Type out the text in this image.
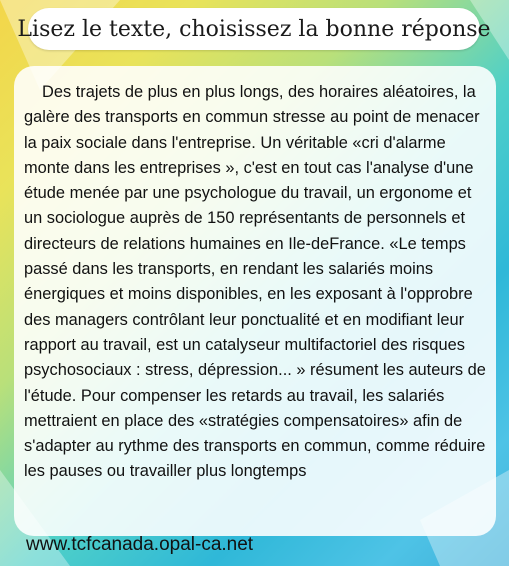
Lisez le texte, choisissez la bonne réponse

Des trajets de plus en plus longs, des horaires aléatoires, la galère des transports en commun stresse au point de menacer la paix sociale dans l'entreprise. Un véritable «cri d'alarme monte dans les entreprises », c'est en tout cas l'analyse d'une étude menée par une psychologue du travail, un ergonome et un sociologue auprès de 150 représentants de personnels et directeurs de relations humaines en Ile-deFrance. «Le temps passé dans les transports, en rendant les salariés moins énergiques et moins disponibles, en les exposant à l'opprobre des managers contrôlant leur ponctualité et en modifiant leur rapport au travail, est un catalyseur multifactoriel des risques psychosociaux : stress, dépression... » résument les auteurs de l'étude. Pour compenser les retards au travail, les salariés mettraient en place des «stratégies compensatoires» afin de s'adapter au rythme des transports en commun, comme réduire les pauses ou travailler plus longtemps

www.tcfcanada.opal-ca.net
